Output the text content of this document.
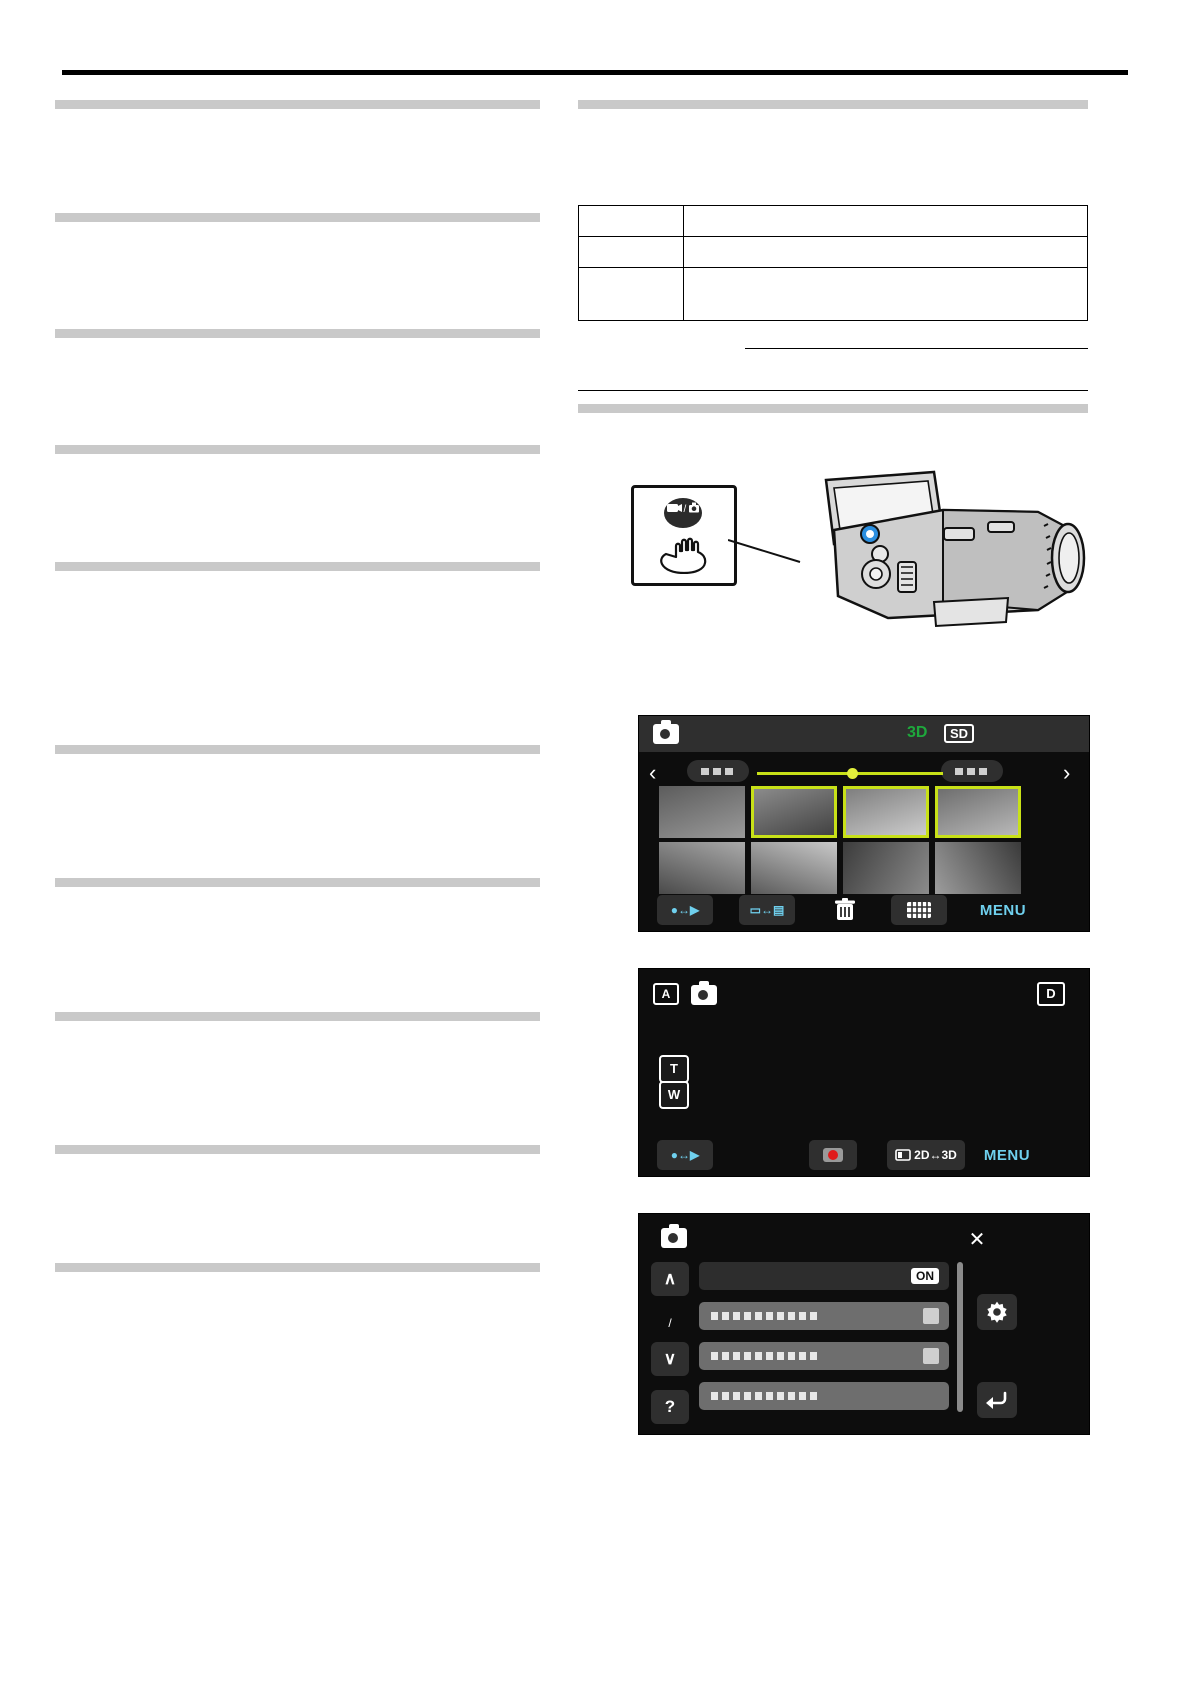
/
3D	SD
‹	›
●↔▶	▭↔▤	MENU
A	D
T
W
●↔▶	2D↔3D MENU
✕
∧
/
∨
?
ON
